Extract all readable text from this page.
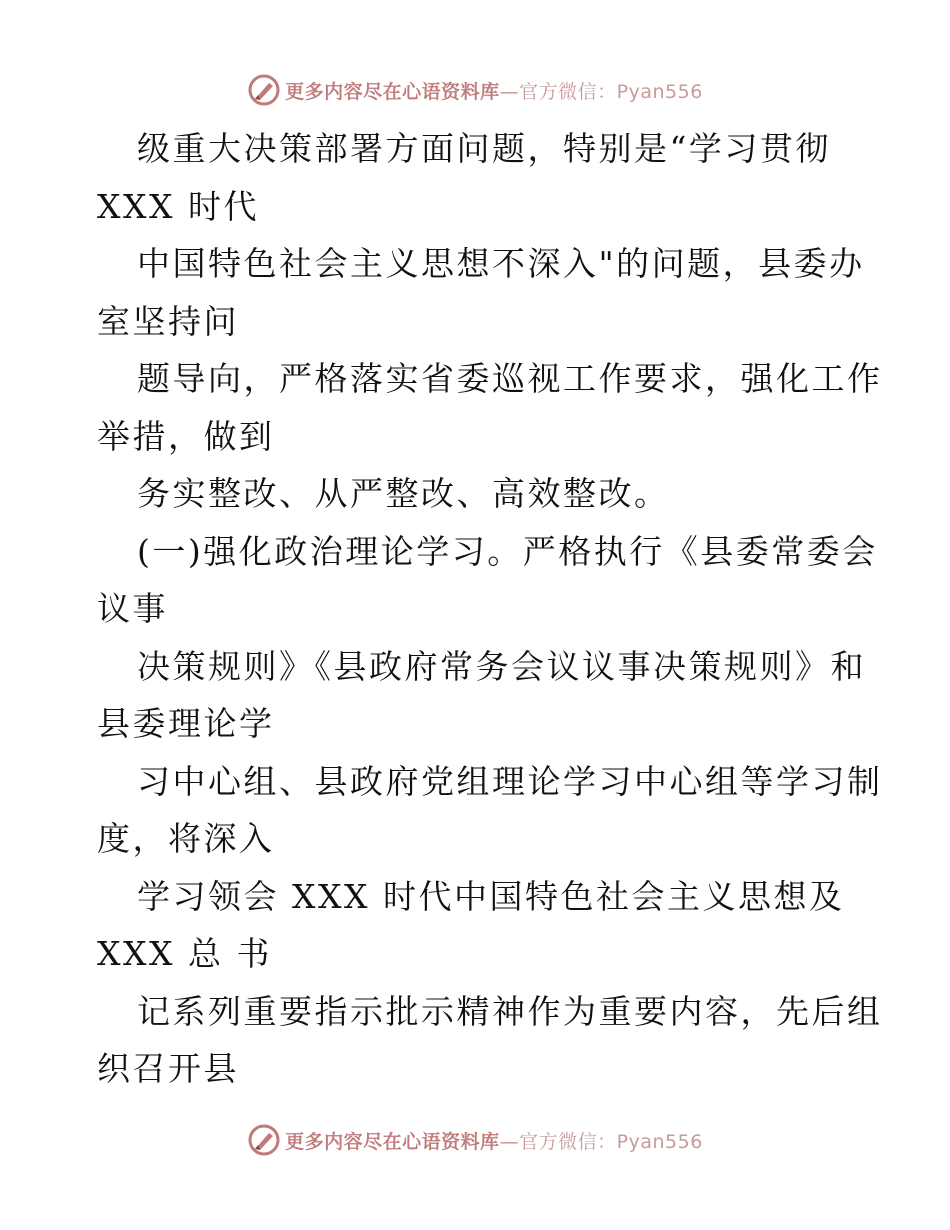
更多内容尽在心语资料库—官方微信：Pyan556
级重大决策部署方面问题，特别是“学习贯彻
XXX 时代
中国特色社会主义思想不深入"的问题，县委办
室坚持问
题导向，严格落实省委巡视工作要求，强化工作
举措，做到
务实整改、从严整改、高效整改。
(一)强化政治理论学习。严格执行《县委常委会
议事
决策规则》《县政府常务会议议事决策规则》和
县委理论学
习中心组、县政府党组理论学习中心组等学习制
度，将深入
学习领会 XXX 时代中国特色社会主义思想及
XXX 总 书
记系列重要指示批示精神作为重要内容，先后组
织召开县
更多内容尽在心语资料库—官方微信：Pyan556
